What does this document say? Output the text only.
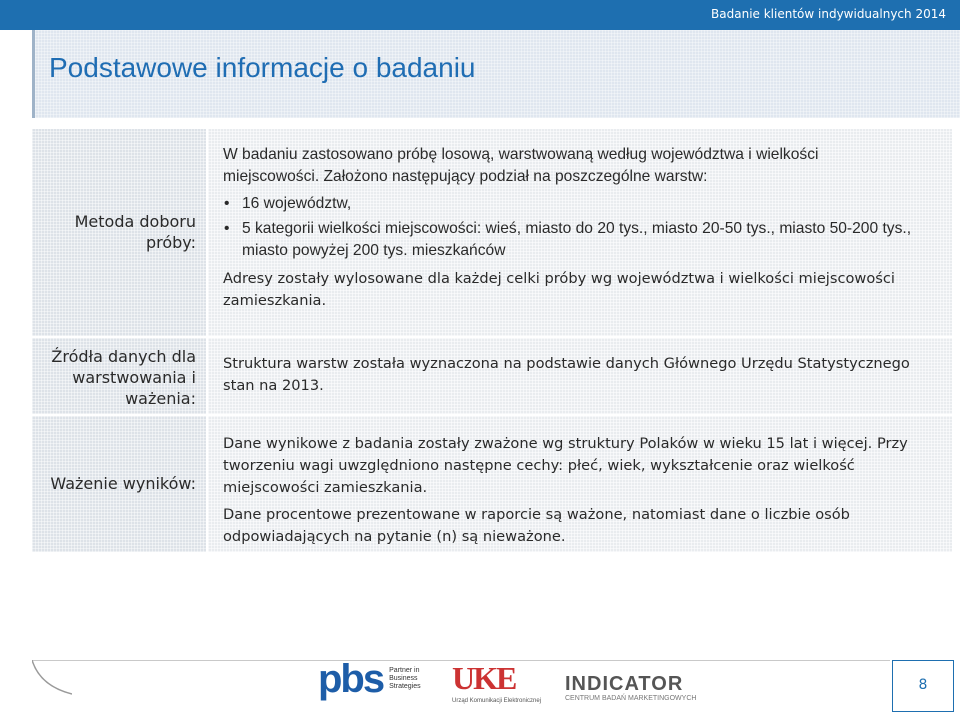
Badanie klientów indywidualnych 2014
Podstawowe informacje o badaniu
Metoda doboru próby:
Źródła danych dla warstwowania i ważenia:
Ważenie wyników:
W badaniu zastosowano próbę losową, warstwowaną według województwa i wielkości miejscowości. Założono następujący podział na poszczególne warstw:
• 16 województw,
• 5 kategorii wielkości miejscowości: wieś, miasto do 20 tys., miasto 20-50 tys., miasto 50-200 tys., miasto powyżej 200 tys. mieszkańców
Adresy zostały wylosowane dla każdej celki próby wg województwa i wielkości miejscowości zamieszkania.
Struktura warstw została wyznaczona na podstawie danych Głównego Urzędu Statystycznego stan na 2013.

Dane wynikowe z badania zostały zważone wg struktury Polaków w wieku 15 lat i więcej. Przy tworzeniu wagi uwzględniono następne cechy: płeć, wiek, wykształcenie oraz wielkość miejscowości zamieszkania.

Dane procentowe prezentowane w raporcie są ważone, natomiast dane o liczbie osób odpowiadających na pytanie (n) są nieważone.

pbs Partner in Business Strategies UKE
Urząd Komunikacji Elektronicznej
INDICATOR
CENTRUM BADAŃ MARKETINGOWYCH
8
